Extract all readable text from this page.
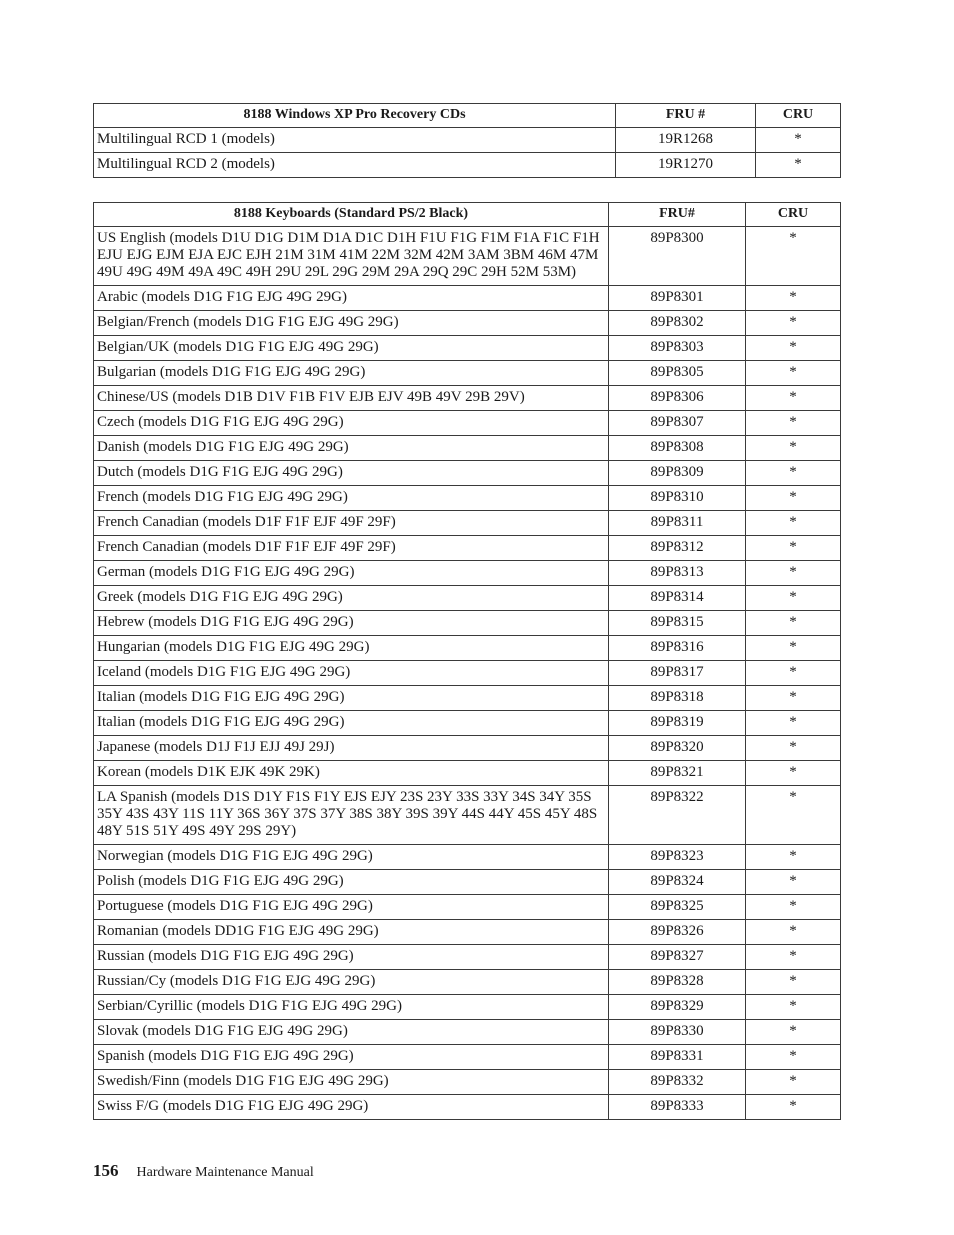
8188 Windows XP Pro Recovery CDs	FRU #	CRU
Multilingual RCD 1 (models)	19R1268	*
Multilingual RCD 2 (models)	19R1270	*
8188 Keyboards (Standard PS/2 Black)	FRU#	CRU
US English (models D1U D1G D1M D1A D1C D1H F1U F1G F1M F1A F1C F1H EJU EJG EJM EJA EJC EJH 21M 31M 41M 22M 32M 42M 3AM 3BM 46M 47M 49U 49G 49M 49A 49C 49H 29U 29L 29G 29M 29A 29Q 29C 29H 52M 53M)	89P8300	*
Arabic (models D1G F1G EJG 49G 29G)	89P8301	*
Belgian/French (models D1G F1G EJG 49G 29G)	89P8302	*
Belgian/UK (models D1G F1G EJG 49G 29G)	89P8303	*
Bulgarian (models D1G F1G EJG 49G 29G)	89P8305	*
Chinese/US (models D1B D1V F1B F1V EJB EJV 49B 49V 29B 29V)	89P8306	*
Czech (models D1G F1G EJG 49G 29G)	89P8307	*
Danish (models D1G F1G EJG 49G 29G)	89P8308	*
Dutch (models D1G F1G EJG 49G 29G)	89P8309	*
French (models D1G F1G EJG 49G 29G)	89P8310	*
French Canadian (models D1F F1F EJF 49F 29F)	89P8311	*
French Canadian (models D1F F1F EJF 49F 29F)	89P8312	*
German (models D1G F1G EJG 49G 29G)	89P8313	*
Greek (models D1G F1G EJG 49G 29G)	89P8314	*
Hebrew (models D1G F1G EJG 49G 29G)	89P8315	*
Hungarian (models D1G F1G EJG 49G 29G)	89P8316	*
Iceland (models D1G F1G EJG 49G 29G)	89P8317	*
Italian (models D1G F1G EJG 49G 29G)	89P8318	*
Italian (models D1G F1G EJG 49G 29G)	89P8319	*
Japanese (models D1J F1J EJJ 49J 29J)	89P8320	*
Korean (models D1K EJK 49K 29K)	89P8321	*
LA Spanish (models D1S D1Y F1S F1Y EJS EJY 23S 23Y 33S 33Y 34S 34Y 35S 35Y 43S 43Y 11S 11Y 36S 36Y 37S 37Y 38S 38Y 39S 39Y 44S 44Y 45S 45Y 48S 48Y 51S 51Y 49S 49Y 29S 29Y)	89P8322	*
Norwegian (models D1G F1G EJG 49G 29G)	89P8323	*
Polish (models D1G F1G EJG 49G 29G)	89P8324	*
Portuguese (models D1G F1G EJG 49G 29G)	89P8325	*
Romanian (models DD1G F1G EJG 49G 29G)	89P8326	*
Russian (models D1G F1G EJG 49G 29G)	89P8327	*
Russian/Cy (models D1G F1G EJG 49G 29G)	89P8328	*
Serbian/Cyrillic (models D1G F1G EJG 49G 29G)	89P8329	*
Slovak (models D1G F1G EJG 49G 29G)	89P8330	*
Spanish (models D1G F1G EJG 49G 29G)	89P8331	*
Swedish/Finn (models D1G F1G EJG 49G 29G)	89P8332	*
Swiss F/G (models D1G F1G EJG 49G 29G)	89P8333	*
156 Hardware Maintenance Manual
